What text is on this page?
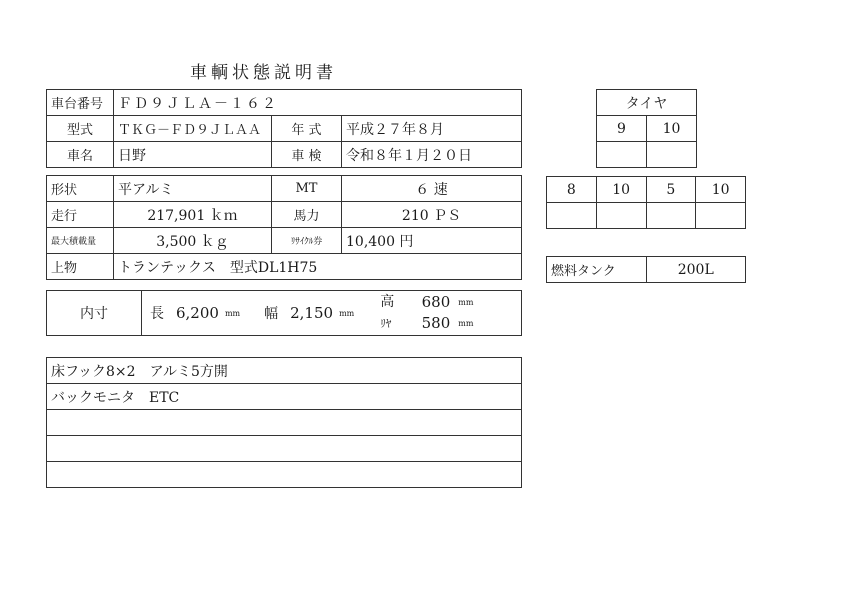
車輌状態説明書
車台番号	ＦＤ９ＪＬＡ－１６２		
型式	ＴＫＧ－ＦＤ９ＪＬＡＡ	年 式	平成２７年８月
車名	日野	車 検	令和８年１月２０日
形状	平アルミ	MT	６ 速
走行	217,901 ｋｍ	馬力	210 ＰＳ
最大積載量	3,500 ｋｇ	ﾘｻｲｸﾙ券	10,400 円
上物	トランテックス　型式DL1H75		
内寸	長 6,200 mm 幅 2,150 mm
高	680 mm
ﾘﾔ	580 mm
床フック8×2　アルミ5方開
バックモニタ　ETC

タイヤ	
9	10

8	10	5	10

燃料タンク	200L
